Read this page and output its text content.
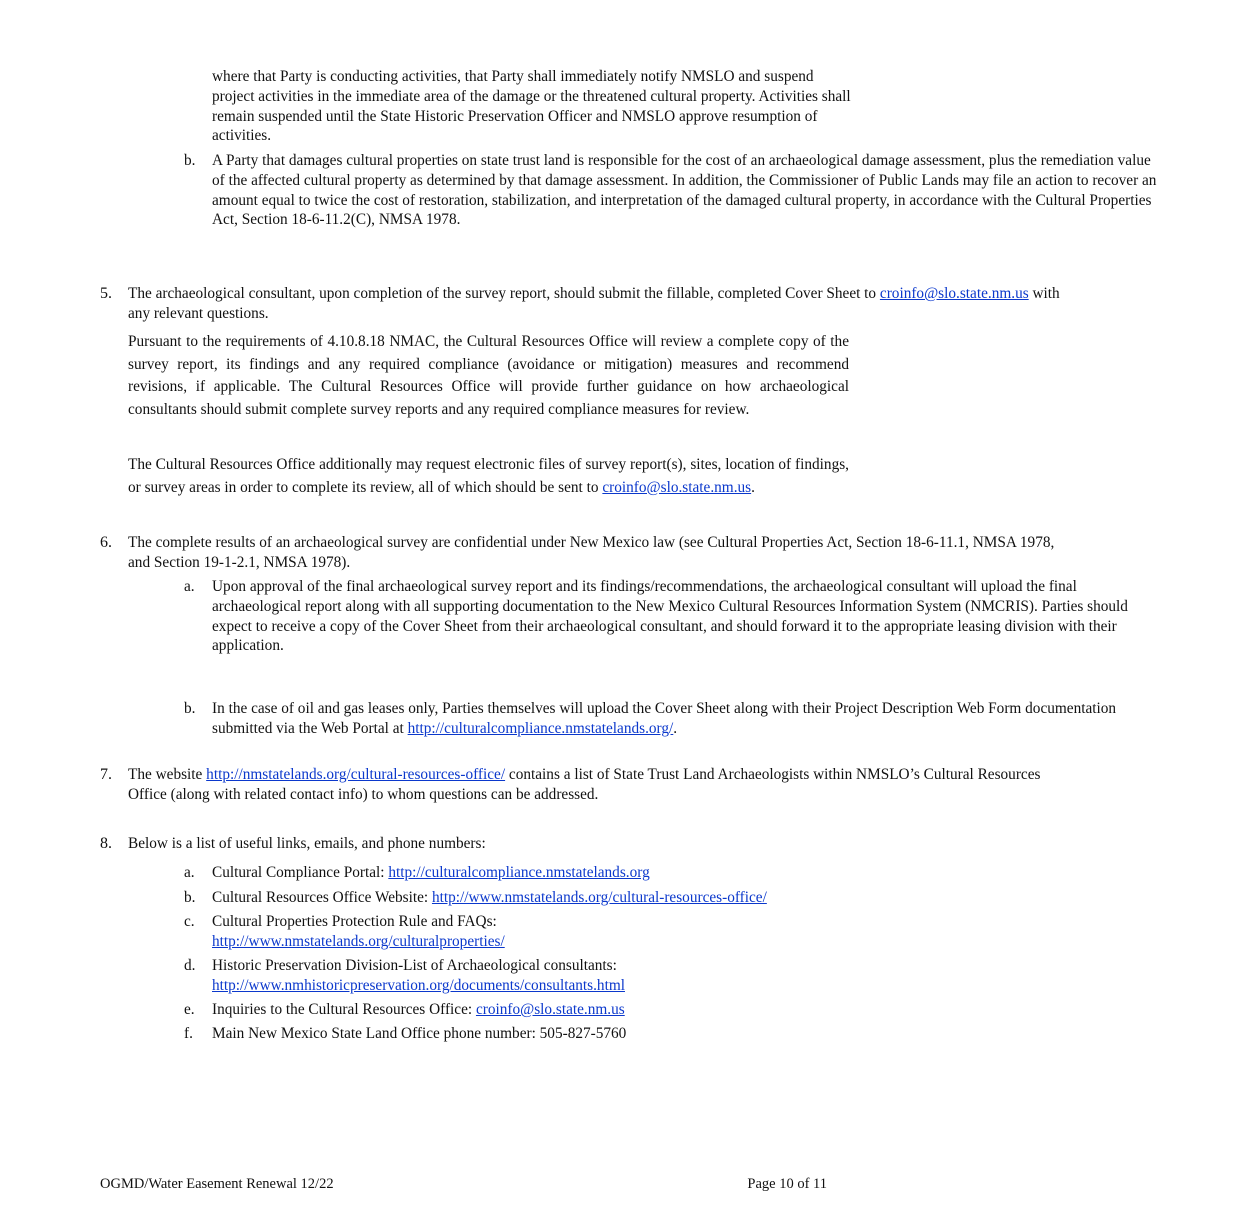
where that Party is conducting activities, that Party shall immediately notify NMSLO and suspend project activities in the immediate area of the damage or the threatened cultural property. Activities shall remain suspended until the State Historic Preservation Officer and NMSLO approve resumption of activities.
b. A Party that damages cultural properties on state trust land is responsible for the cost of an archaeological damage assessment, plus the remediation value of the affected cultural property as determined by that damage assessment. In addition, the Commissioner of Public Lands may file an action to recover an amount equal to twice the cost of restoration, stabilization, and interpretation of the damaged cultural property, in accordance with the Cultural Properties Act, Section 18-6-11.2(C), NMSA 1978.
5. The archaeological consultant, upon completion of the survey report, should submit the fillable, completed Cover Sheet to croinfo@slo.state.nm.us with any relevant questions.

Pursuant to the requirements of 4.10.8.18 NMAC, the Cultural Resources Office will review a complete copy of the survey report, its findings and any required compliance (avoidance or mitigation) measures and recommend revisions, if applicable. The Cultural Resources Office will provide further guidance on how archaeological consultants should submit complete survey reports and any required compliance measures for review.

The Cultural Resources Office additionally may request electronic files of survey report(s), sites, location of findings, or survey areas in order to complete its review, all of which should be sent to croinfo@slo.state.nm.us.

6. The complete results of an archaeological survey are confidential under New Mexico law (see Cultural Properties Act, Section 18-6-11.1, NMSA 1978, and Section 19-1-2.1, NMSA 1978).
a. Upon approval of the final archaeological survey report and its findings/recommendations, the archaeological consultant will upload the final archaeological report along with all supporting documentation to the New Mexico Cultural Resources Information System (NMCRIS). Parties should expect to receive a copy of the Cover Sheet from their archaeological consultant, and should forward it to the appropriate leasing division with their application.
b. In the case of oil and gas leases only, Parties themselves will upload the Cover Sheet along with their Project Description Web Form documentation submitted via the Web Portal at http://culturalcompliance.nmstatelands.org/.
7. The website http://nmstatelands.org/cultural-resources-office/ contains a list of State Trust Land Archaeologists within NMSLO’s Cultural Resources Office (along with related contact info) to whom questions can be addressed.
8. Below is a list of useful links, emails, and phone numbers:
a. Cultural Compliance Portal: http://culturalcompliance.nmstatelands.org
b. Cultural Resources Office Website: http://www.nmstatelands.org/cultural-resources-office/
c. Cultural Properties Protection Rule and FAQs:
http://www.nmstatelands.org/culturalproperties/
d. Historic Preservation Division-List of Archaeological consultants:
http://www.nmhistoricpreservation.org/documents/consultants.html
e. Inquiries to the Cultural Resources Office: croinfo@slo.state.nm.us
f. Main New Mexico State Land Office phone number: 505-827-5760
OGMD/Water Easement Renewal 12/22	Page 10 of 11
